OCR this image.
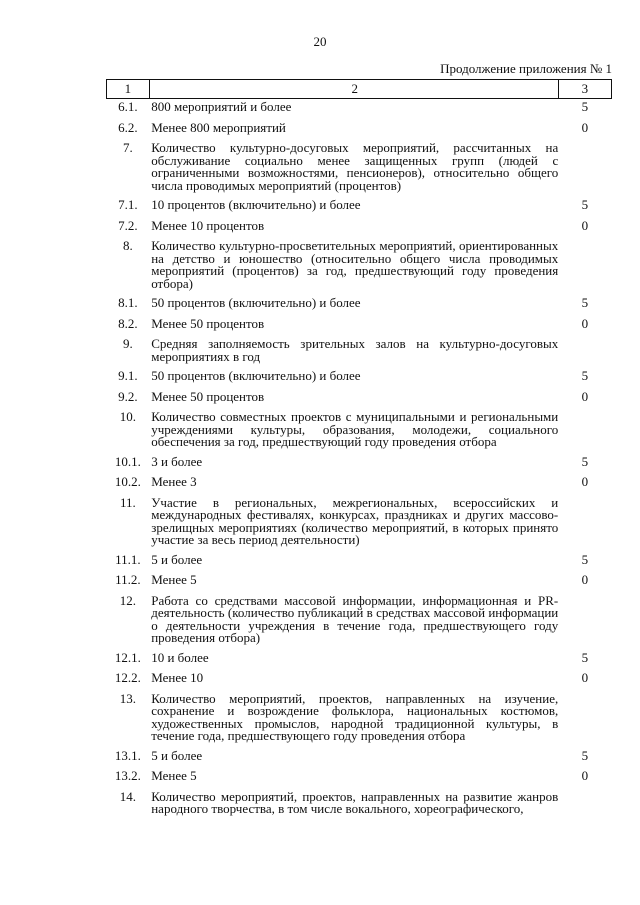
20
Продолжение приложения № 1
1	2	3
6.1.	800 мероприятий и более	5
6.2.	Менее 800 мероприятий	0
7.	Количество культурно-досуговых мероприятий, рассчитанных на обслуживание социально менее защищенных групп (людей с ограниченными возможностями, пенсионеров), относительно общего числа проводимых мероприятий (процентов)	
7.1.	10 процентов (включительно) и более	5
7.2.	Менее 10 процентов	0
8.	Количество культурно-просветительных мероприятий, ориентированных на детство и юношество (относительно общего числа проводимых мероприятий (процентов) за год, предшествующий году проведения отбора)	
8.1.	50 процентов (включительно) и более	5
8.2.	Менее 50 процентов	0
9.	Средняя заполняемость зрительных залов на культурно-досуговых мероприятиях в год	
9.1.	50 процентов (включительно) и более	5
9.2.	Менее 50 процентов	0
10.	Количество совместных проектов с муниципальными и региональными учреждениями культуры, образования, молодежи, социального обеспечения за год, предшествующий году проведения отбора	
10.1.	3 и более	5
10.2.	Менее 3	0
11.	Участие в региональных, межрегиональных, всероссийских и международных фестивалях, конкурсах, праздниках и других массово-зрелищных мероприятиях (количество мероприятий, в которых принято участие за весь период деятельности)	
11.1.	5 и более	5
11.2.	Менее 5	0
12.	Работа со средствами массовой информации, информационная и PR-деятельность (количество публикаций в средствах массовой информации о деятельности учреждения в течение года, предшествующего году проведения отбора)	
12.1.	10 и более	5
12.2.	Менее 10	0
13.	Количество мероприятий, проектов, направленных на изучение, сохранение и возрождение фольклора, национальных костюмов, художественных промыслов, народной традиционной культуры, в течение года, предшествующего году проведения отбора	
13.1.	5 и более	5
13.2.	Менее 5	0
14.	Количество мероприятий, проектов, направленных на развитие жанров народного творчества, в том числе вокального, хореографического,	
